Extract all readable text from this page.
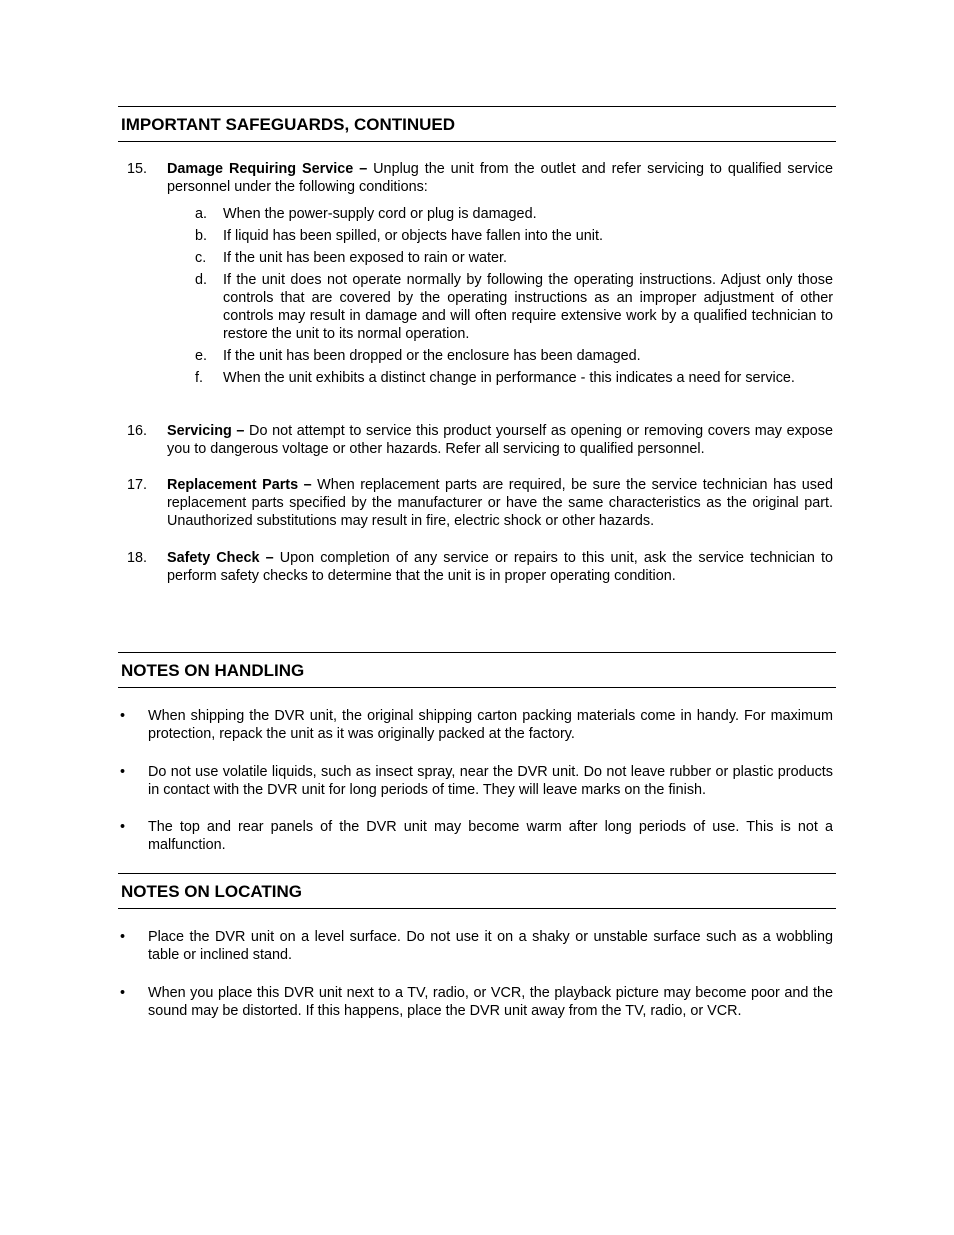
IMPORTANT SAFEGUARDS, CONTINUED
15. Damage Requiring Service – Unplug the unit from the outlet and refer servicing to qualified service personnel under the following conditions:
a. When the power-supply cord or plug is damaged.
b. If liquid has been spilled, or objects have fallen into the unit.
c. If the unit has been exposed to rain or water.
d. If the unit does not operate normally by following the operating instructions. Adjust only those controls that are covered by the operating instructions as an improper adjustment of other controls may result in damage and will often require extensive work by a qualified technician to restore the unit to its normal operation.
e. If the unit has been dropped or the enclosure has been damaged.
f. When the unit exhibits a distinct change in performance - this indicates a need for service.
16. Servicing – Do not attempt to service this product yourself as opening or removing covers may expose you to dangerous voltage or other hazards. Refer all servicing to qualified personnel.
17. Replacement Parts – When replacement parts are required, be sure the service technician has used replacement parts specified by the manufacturer or have the same characteristics as the original part. Unauthorized substitutions may result in fire, electric shock or other hazards.
18. Safety Check – Upon completion of any service or repairs to this unit, ask the service technician to perform safety checks to determine that the unit is in proper operating condition.
NOTES ON HANDLING
• When shipping the DVR unit, the original shipping carton packing materials come in handy. For maximum protection, repack the unit as it was originally packed at the factory.
• Do not use volatile liquids, such as insect spray, near the DVR unit. Do not leave rubber or plastic products in contact with the DVR unit for long periods of time. They will leave marks on the finish.
• The top and rear panels of the DVR unit may become warm after long periods of use. This is not a malfunction.
NOTES ON LOCATING
• Place the DVR unit on a level surface. Do not use it on a shaky or unstable surface such as a wobbling table or inclined stand.
• When you place this DVR unit next to a TV, radio, or VCR, the playback picture may become poor and the sound may be distorted. If this happens, place the DVR unit away from the TV, radio, or VCR.
